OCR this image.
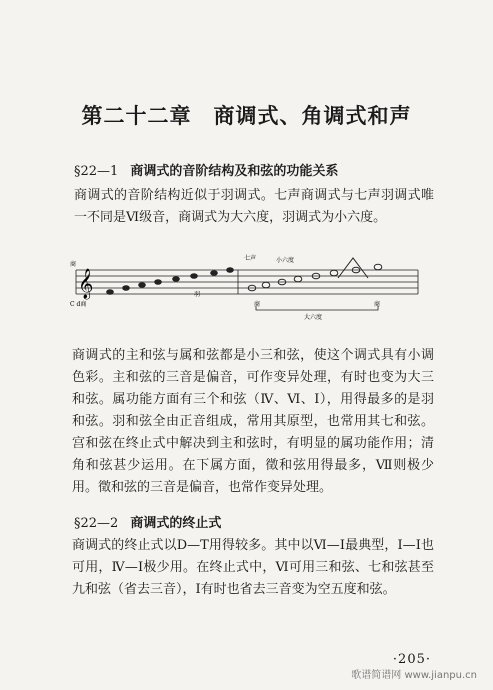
第二十二章　商调式、角调式和声
§22—1 商调式的音阶结构及和弦的功能关系
商调式的音阶结构近似于羽调式。七声商调式与七声羽调式唯一不同是Ⅵ级音，商调式为大六度，羽调式为小六度。
𝄞
商
C d商
羽
七声	小六度
大六度
商	商
商调式的主和弦与属和弦都是小三和弦，使这个调式具有小调色彩。主和弦的三音是偏音，可作变异处理，有时也变为大三和弦。属功能方面有三个和弦（Ⅳ、Ⅵ、Ⅰ），用得最多的是羽和弦。羽和弦全由正音组成，常用其原型，也常用其七和弦。宫和弦在终止式中解决到主和弦时，有明显的属功能作用；清角和弦甚少运用。在下属方面，徵和弦用得最多，Ⅶ则极少用。徵和弦的三音是偏音，也常作变异处理。
§22—2 商调式的终止式
商调式的终止式以D—T用得较多。其中以Ⅵ—Ⅰ最典型，Ⅰ—Ⅰ也可用，Ⅳ—Ⅰ极少用。在终止式中，Ⅵ可用三和弦、七和弦甚至九和弦（省去三音），Ⅰ有时也省去三音变为空五度和弦。
·205·
歌谱简谱网 www.jianpu.cn
